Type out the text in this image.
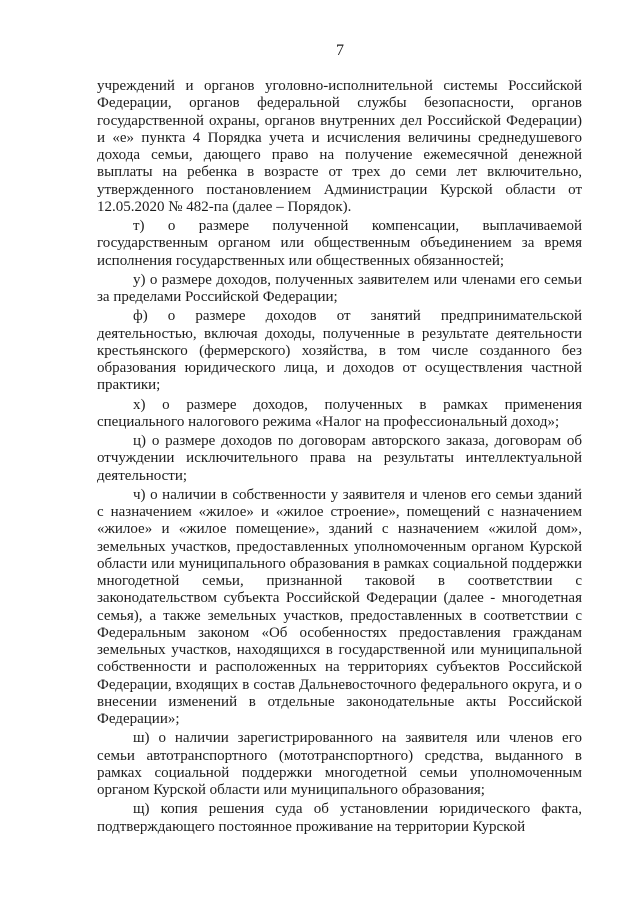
7

учреждений и органов уголовно-исполнительной системы Российской Федерации, органов федеральной службы безопасности, органов государственной охраны, органов внутренних дел Российской Федерации) и «е» пункта 4 Порядка учета и исчисления величины среднедушевого дохода семьи, дающего право на получение ежемесячной денежной выплаты на ребенка в возрасте от трех до семи лет включительно, утвержденного постановлением Администрации Курской области от 12.05.2020 № 482-па (далее – Порядок).

т) о размере полученной компенсации, выплачиваемой государственным органом или общественным объединением за время исполнения государственных или общественных обязанностей;

у) о размере доходов, полученных заявителем или членами его семьи за пределами Российской Федерации;

ф) о размере доходов от занятий предпринимательской деятельностью, включая доходы, полученные в результате деятельности крестьянского (фермерского) хозяйства, в том числе созданного без образования юридического лица, и доходов от осуществления частной практики;

х) о размере доходов, полученных в рамках применения специального налогового режима «Налог на профессиональный доход»;

ц) о размере доходов по договорам авторского заказа, договорам об отчуждении исключительного права на результаты интеллектуальной деятельности;

ч) о наличии в собственности у заявителя и членов его семьи зданий с назначением «жилое» и «жилое строение», помещений с назначением «жилое» и «жилое помещение», зданий с назначением «жилой дом», земельных участков, предоставленных уполномоченным органом Курской области или муниципального образования в рамках социальной поддержки многодетной семьи, признанной таковой в соответствии с законодательством субъекта Российской Федерации (далее - многодетная семья), а также земельных участков, предоставленных в соответствии с Федеральным законом «Об особенностях предоставления гражданам земельных участков, находящихся в государственной или муниципальной собственности и расположенных на территориях субъектов Российской Федерации, входящих в состав Дальневосточного федерального округа, и о внесении изменений в отдельные законодательные акты Российской Федерации»;

ш) о наличии зарегистрированного на заявителя или членов его семьи автотранспортного (мототранспортного) средства, выданного в рамках социальной поддержки многодетной семьи уполномоченным органом Курской области или муниципального образования;

щ) копия решения суда об установлении юридического факта, подтверждающего постоянное проживание на территории Курской
